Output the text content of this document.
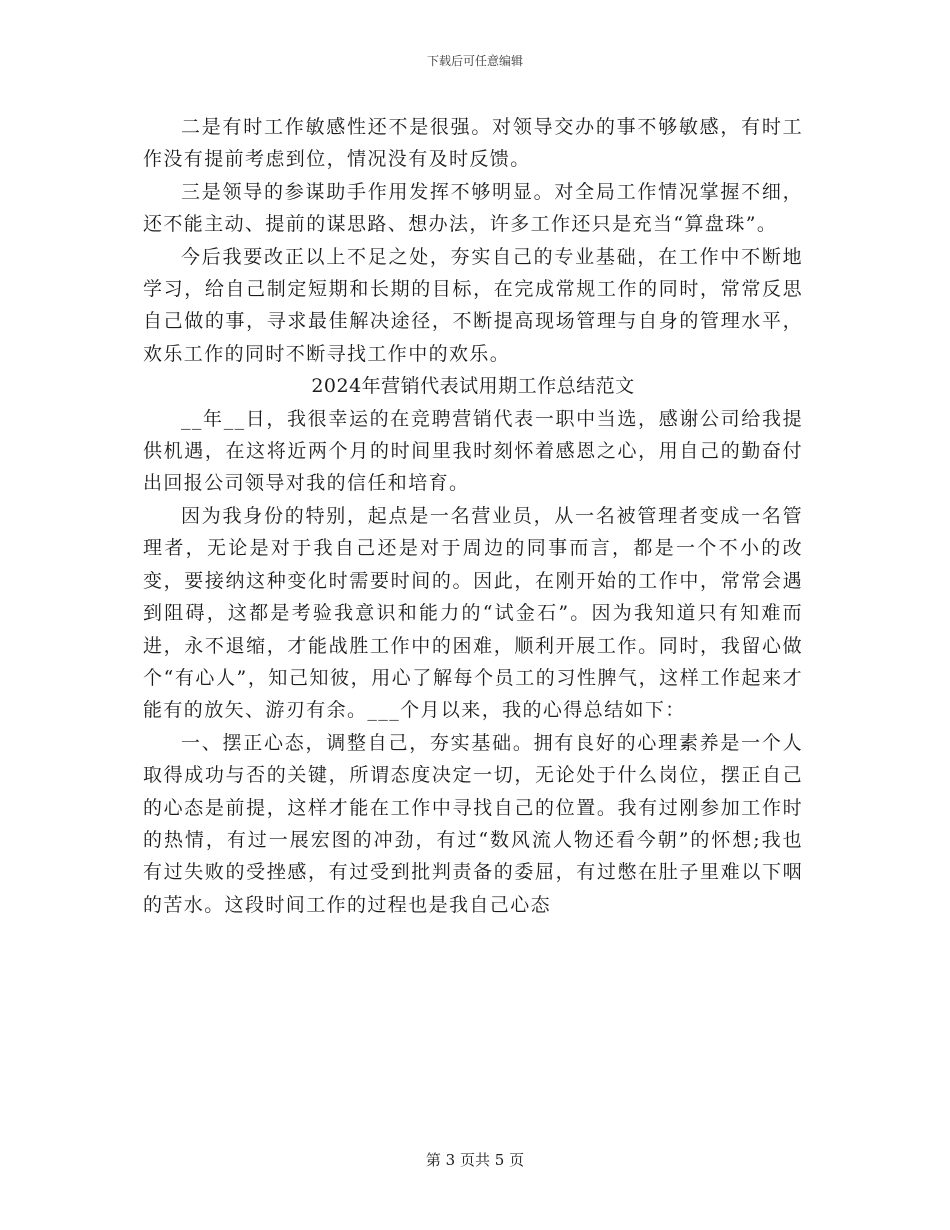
下载后可任意编辑

二是有时工作敏感性还不是很强。对领导交办的事不够敏感，有时工作没有提前考虑到位，情况没有及时反馈。

三是领导的参谋助手作用发挥不够明显。对全局工作情况掌握不细，还不能主动、提前的谋思路、想办法，许多工作还只是充当“算盘珠”。

今后我要改正以上不足之处，夯实自己的专业基础，在工作中不断地学习，给自己制定短期和长期的目标，在完成常规工作的同时，常常反思自己做的事，寻求最佳解决途径，不断提高现场管理与自身的管理水平，欢乐工作的同时不断寻找工作中的欢乐。

2024年营销代表试用期工作总结范文

__年__日，我很幸运的在竞聘营销代表一职中当选，感谢公司给我提供机遇，在这将近两个月的时间里我时刻怀着感恩之心，用自己的勤奋付出回报公司领导对我的信任和培育。

因为我身份的特别，起点是一名营业员，从一名被管理者变成一名管理者，无论是对于我自己还是对于周边的同事而言，都是一个不小的改变，要接纳这种变化时需要时间的。因此，在刚开始的工作中，常常会遇到阻碍，这都是考验我意识和能力的“试金石”。因为我知道只有知难而进，永不退缩，才能战胜工作中的困难，顺利开展工作。同时，我留心做个“有心人”，知己知彼，用心了解每个员工的习性脾气，这样工作起来才能有的放矢、游刃有余。___个月以来，我的心得总结如下：

一、摆正心态，调整自己，夯实基础。拥有良好的心理素养是一个人取得成功与否的关键，所谓态度决定一切，无论处于什么岗位，摆正自己的心态是前提，这样才能在工作中寻找自己的位置。我有过刚参加工作时的热情，有过一展宏图的冲劲，有过“数风流人物还看今朝”的怀想;我也有过失败的受挫感，有过受到批判责备的委屈，有过憋在肚子里难以下咽的苦水。这段时间工作的过程也是我自己心态

第 3 页共 5 页
